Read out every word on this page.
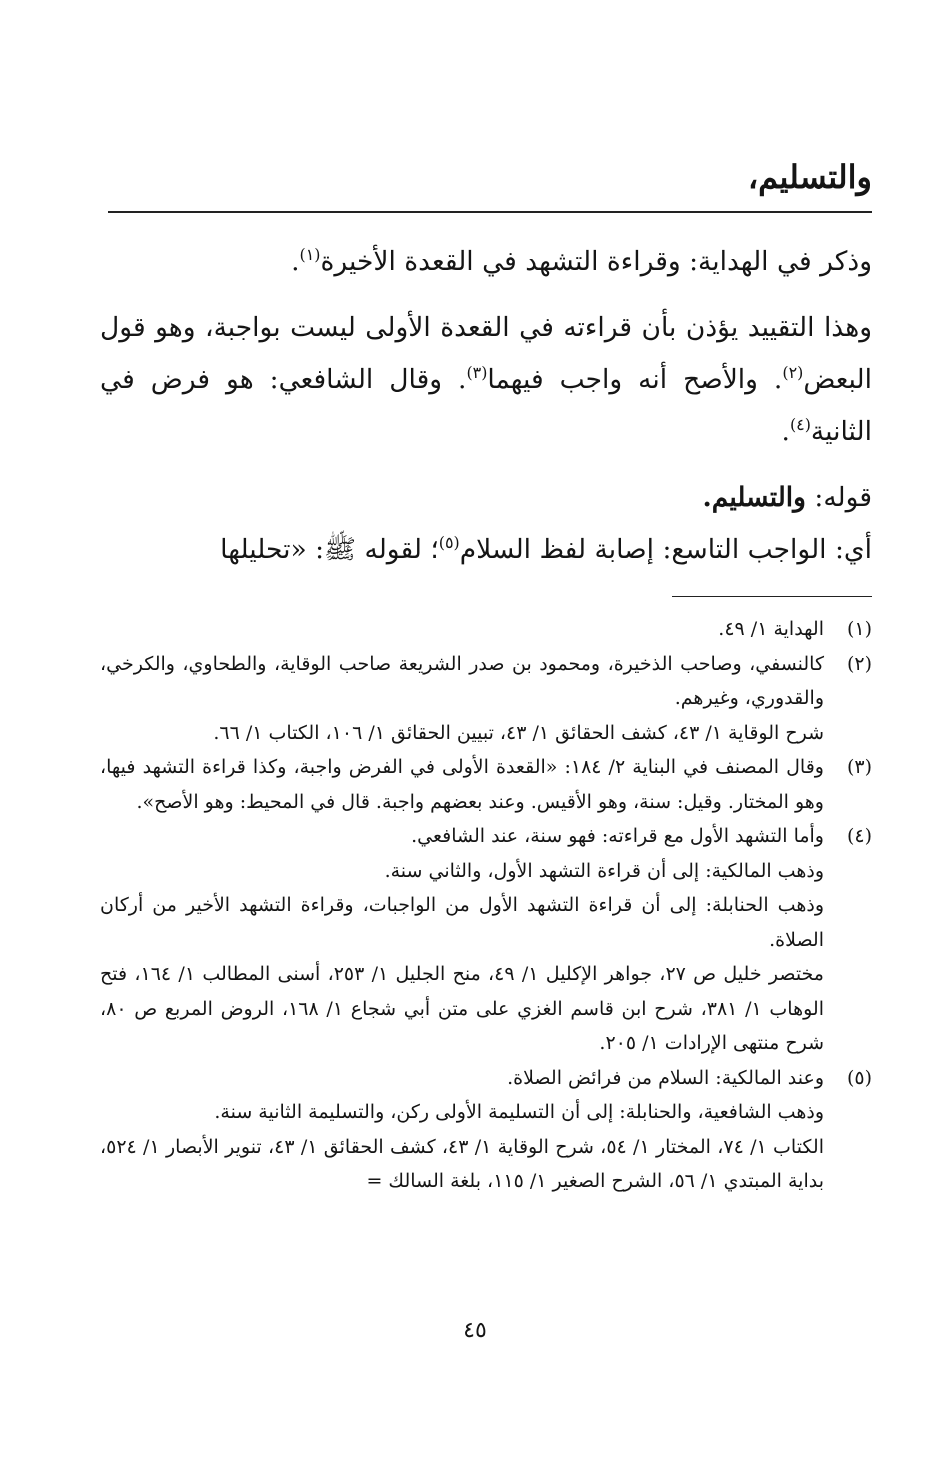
والتسليم،

وذكر في الهداية: وقراءة التشهد في القعدة الأخيرة$^{(١)}$.

وهذا التقييد يؤذن بأن قراءته في القعدة الأولى ليست بواجبة، وهو قول البعض$^{(٢)}$. والأصح أنه واجب فيهما$^{(٣)}$. وقال الشافعي: هو فرض في الثانية$^{(٤)}$.

قوله: والتسليم.

أي: الواجب التاسع: إصابة لفظ السلام$^{(٥)}$؛ لقوله ﷺ: «تحليلها

(١)

الهداية ١/ ٤٩.

(٢)

كالنسفي، وصاحب الذخيرة، ومحمود بن صدر الشريعة صاحب الوقاية، والطحاوي، والكرخي، والقدوري، وغيرهم.

شرح الوقاية ١/ ٤٣، كشف الحقائق ١/ ٤٣، تبيين الحقائق ١/ ١٠٦، الكتاب ١/ ٦٦.

(٣)

وقال المصنف في البناية ٢/ ١٨٤: «القعدة الأولى في الفرض واجبة، وكذا قراءة التشهد فيها، وهو المختار. وقيل: سنة، وهو الأقيس. وعند بعضهم واجبة. قال في المحيط: وهو الأصح».

(٤)

وأما التشهد الأول مع قراءته: فهو سنة، عند الشافعي.

وذهب المالكية: إلى أن قراءة التشهد الأول، والثاني سنة.

وذهب الحنابلة: إلى أن قراءة التشهد الأول من الواجبات، وقراءة التشهد الأخير من أركان الصلاة.

مختصر خليل ص ٢٧، جواهر الإكليل ١/ ٤٩، منح الجليل ١/ ٢٥٣، أسنى المطالب ١/ ١٦٤، فتح الوهاب ١/ ٣٨١، شرح ابن قاسم الغزي على متن أبي شجاع ١/ ١٦٨، الروض المربع ص ٨٠، شرح منتهى الإرادات ١/ ٢٠٥.

(٥)

وعند المالكية: السلام من فرائض الصلاة.

وذهب الشافعية، والحنابلة: إلى أن التسليمة الأولى ركن، والتسليمة الثانية سنة.

الكتاب ١/ ٧٤، المختار ١/ ٥٤، شرح الوقاية ١/ ٤٣، كشف الحقائق ١/ ٤٣، تنوير الأبصار ١/ ٥٢٤، بداية المبتدي ١/ ٥٦، الشرح الصغير ١/ ١١٥، بلغة السالك =

٤٥
